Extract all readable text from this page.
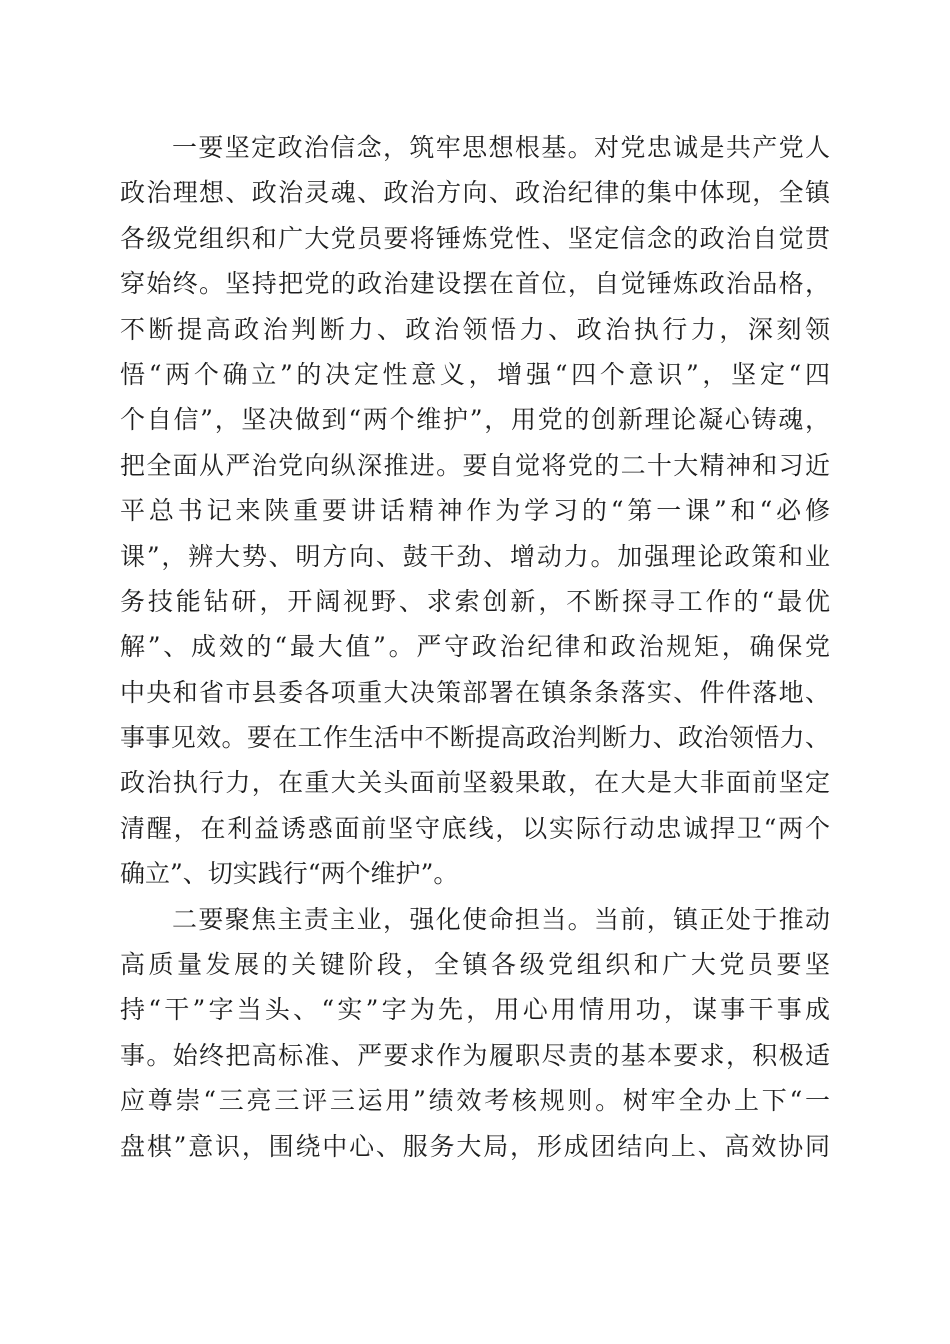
一要坚定政治信念，筑牢思想根基。对党忠诚是共产党人
政治理想、政治灵魂、政治方向、政治纪律的集中体现，全镇
各级党组织和广大党员要将锤炼党性、坚定信念的政治自觉贯
穿始终。坚持把党的政治建设摆在首位，自觉锤炼政治品格，
不断提高政治判断力、政治领悟力、政治执行力，深刻领
悟“两个确立”的决定性意义，增强“四个意识”，坚定“四
个自信”，坚决做到“两个维护”，用党的创新理论凝心铸魂，
把全面从严治党向纵深推进。要自觉将党的二十大精神和习近
平总书记来陕重要讲话精神作为学习的“第一课”和“必修
课”，辨大势、明方向、鼓干劲、增动力。加强理论政策和业
务技能钻研，开阔视野、求索创新，不断探寻工作的“最优
解”、成效的“最大值”。严守政治纪律和政治规矩，确保党
中央和省市县委各项重大决策部署在镇条条落实、件件落地、
事事见效。要在工作生活中不断提高政治判断力、政治领悟力、
政治执行力，在重大关头面前坚毅果敢，在大是大非面前坚定
清醒，在利益诱惑面前坚守底线，以实际行动忠诚捍卫“两个
确立”、切实践行“两个维护”。
二要聚焦主责主业，强化使命担当。当前，镇正处于推动
高质量发展的关键阶段，全镇各级党组织和广大党员要坚
持“干”字当头、“实”字为先，用心用情用功，谋事干事成
事。始终把高标准、严要求作为履职尽责的基本要求，积极适
应尊崇“三亮三评三运用”绩效考核规则。树牢全办上下“一
盘棋”意识，围绕中心、服务大局，形成团结向上、高效协同
